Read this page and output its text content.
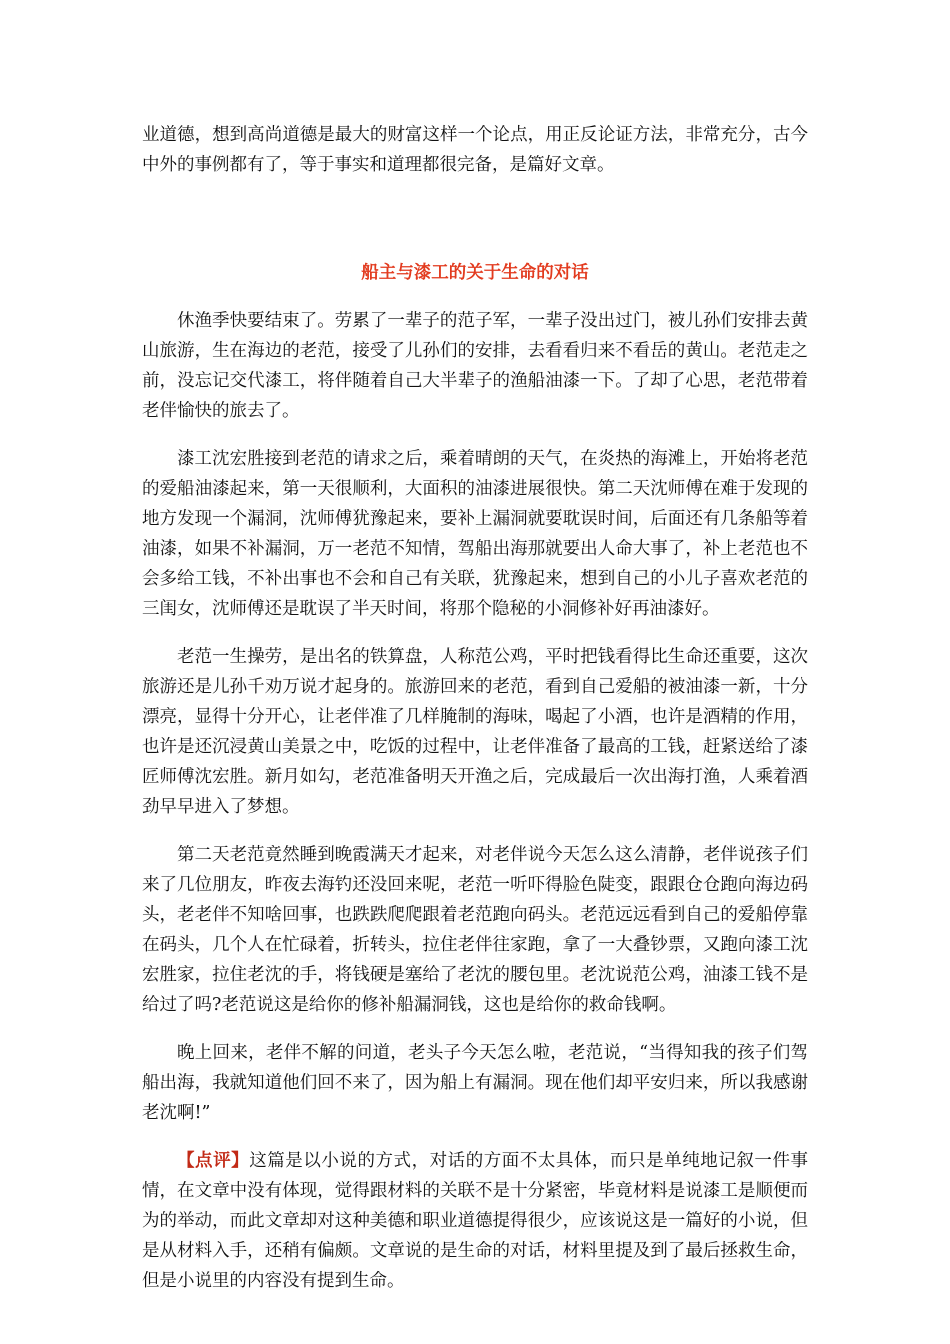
业道德，想到高尚道德是最大的财富这样一个论点，用正反论证方法，非常充分，古今中外的事例都有了，等于事实和道理都很完备，是篇好文章。

船主与漆工的关于生命的对话

休渔季快要结束了。劳累了一辈子的范子军，一辈子没出过门，被儿孙们安排去黄山旅游，生在海边的老范，接受了儿孙们的安排，去看看归来不看岳的黄山。老范走之前，没忘记交代漆工，将伴随着自己大半辈子的渔船油漆一下。了却了心思，老范带着老伴愉快的旅去了。

漆工沈宏胜接到老范的请求之后，乘着晴朗的天气，在炎热的海滩上，开始将老范的爱船油漆起来，第一天很顺利，大面积的油漆进展很快。第二天沈师傅在难于发现的地方发现一个漏洞，沈师傅犹豫起来，要补上漏洞就要耽误时间，后面还有几条船等着油漆，如果不补漏洞，万一老范不知情，驾船出海那就要出人命大事了，补上老范也不会多给工钱，不补出事也不会和自己有关联，犹豫起来，想到自己的小儿子喜欢老范的三闺女，沈师傅还是耽误了半天时间，将那个隐秘的小洞修补好再油漆好。

老范一生操劳，是出名的铁算盘，人称范公鸡，平时把钱看得比生命还重要，这次旅游还是儿孙千劝万说才起身的。旅游回来的老范，看到自己爱船的被油漆一新，十分漂亮，显得十分开心，让老伴准了几样腌制的海味，喝起了小酒，也许是酒精的作用，也许是还沉浸黄山美景之中，吃饭的过程中，让老伴准备了最高的工钱，赶紧送给了漆匠师傅沈宏胜。新月如勾，老范准备明天开渔之后，完成最后一次出海打渔，人乘着酒劲早早进入了梦想。

第二天老范竟然睡到晚霞满天才起来，对老伴说今天怎么这么清静，老伴说孩子们来了几位朋友，昨夜去海钓还没回来呢，老范一听吓得脸色陡变，跟跟仓仓跑向海边码头，老老伴不知啥回事，也跌跌爬爬跟着老范跑向码头。老范远远看到自己的爱船停靠在码头，几个人在忙碌着，折转头，拉住老伴往家跑，拿了一大叠钞票，又跑向漆工沈宏胜家，拉住老沈的手，将钱硬是塞给了老沈的腰包里。老沈说范公鸡，油漆工钱不是给过了吗?老范说这是给你的修补船漏洞钱，这也是给你的救命钱啊。

晚上回来，老伴不解的问道，老头子今天怎么啦，老范说，“当得知我的孩子们驾船出海，我就知道他们回不来了，因为船上有漏洞。现在他们却平安归来，所以我感谢老沈啊!”

【点评】这篇是以小说的方式，对话的方面不太具体，而只是单纯地记叙一件事情，在文章中没有体现，觉得跟材料的关联不是十分紧密，毕竟材料是说漆工是顺便而为的举动，而此文章却对这种美德和职业道德提得很少，应该说这是一篇好的小说，但是从材料入手，还稍有偏颇。文章说的是生命的对话，材料里提及到了最后拯救生命，但是小说里的内容没有提到生命。
